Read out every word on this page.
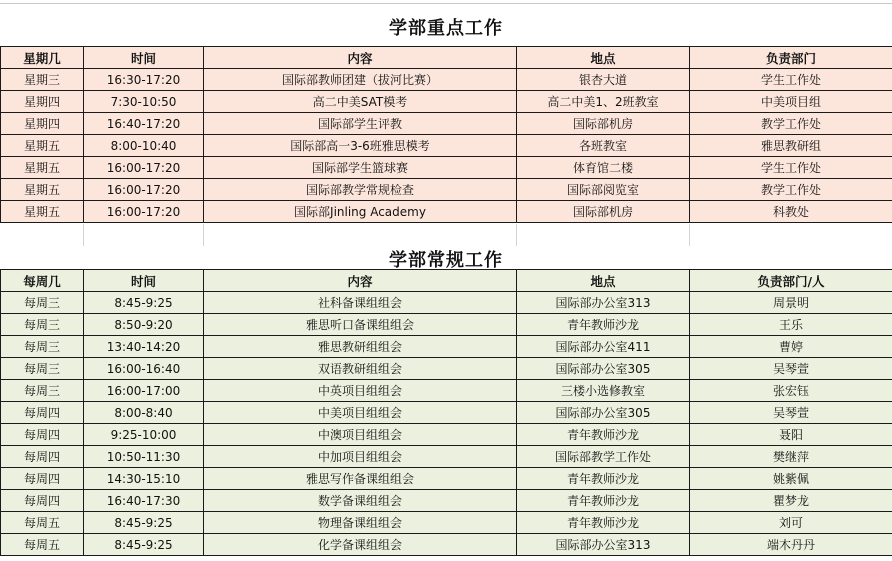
学部重点工作
星期几	时间	内容	地点	负责部门
星期三	16:30-17:20	国际部教师团建（拔河比赛）	银杏大道	学生工作处
星期四	7:30-10:50	高二中美SAT模考	高二中美1、2班教室	中美项目组
星期四	16:40-17:20	国际部学生评教	国际部机房	教学工作处
星期五	8:00-10:40	国际部高一3-6班雅思模考	各班教室	雅思教研组
星期五	16:00-17:20	国际部学生篮球赛	体育馆二楼	学生工作处
星期五	16:00-17:20	国际部教学常规检查	国际部阅览室	教学工作处
星期五	16:00-17:20	国际部Jinling Academy	国际部机房	科教处
学部常规工作
每周几	时间	内容	地点	负责部门/人
每周三	8:45-9:25	社科备课组组会	国际部办公室313	周景明
每周三	8:50-9:20	雅思听口备课组组会	青年教师沙龙	王乐
每周三	13:40-14:20	雅思教研组组会	国际部办公室411	曹婷
每周三	16:00-16:40	双语教研组组会	国际部办公室305	吴琴萱
每周三	16:00-17:00	中英项目组组会	三楼小选修教室	张宏钰
每周四	8:00-8:40	中美项目组组会	国际部办公室305	吴琴萱
每周四	9:25-10:00	中澳项目组组会	青年教师沙龙	聂阳
每周四	10:50-11:30	中加项目组组会	国际部教学工作处	樊继萍
每周四	14:30-15:10	雅思写作备课组组会	青年教师沙龙	姚紫佩
每周四	16:40-17:30	数学备课组组会	青年教师沙龙	瞿梦龙
每周五	8:45-9:25	物理备课组组会	青年教师沙龙	刘可
每周五	8:45-9:25	化学备课组组会	国际部办公室313	端木丹丹
